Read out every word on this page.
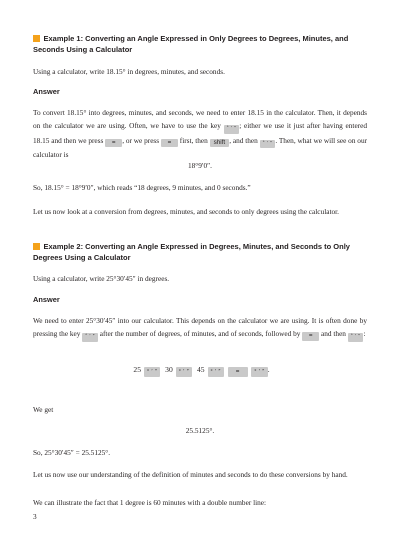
Example 1: Converting an Angle Expressed in Only Degrees to Degrees, Minutes, and Seconds Using a Calculator
Using a calculator, write 18.15° in degrees, minutes, and seconds.
Answer
To convert 18.15° into degrees, minutes, and seconds, we need to enter 18.15 in the calculator. Then, it depends on the calculator we are using. Often, we have to use the key ° ′ ″ ; either we use it just after having entered 18.15 and then we press = , or we press = first, then shift , and then ° ′ ″ . Then, what we will see on our calculator is
18°9′0″.
So, 18.15° = 18°9′0″, which reads “18 degrees, 9 minutes, and 0 seconds.”
Let us now look at a conversion from degrees, minutes, and seconds to only degrees using the calculator.
Example 2: Converting an Angle Expressed in Degrees, Minutes, and Seconds to Only Degrees Using a Calculator
Using a calculator, write 25°30′45″ in degrees.
Answer
We need to enter 25°30′45″ into our calculator. This depends on the calculator we are using. It is often done by pressing the key ° ′ ″ after the number of degrees, of minutes, and of seconds, followed by = and then ° ′ ″ :
25 ° ′ ″ 30 ° ′ ″ 45 ° ′ ″ =	° ′ ″ .
We get
25.5125°.
So, 25°30′45″ = 25.5125°.
Let us now use our understanding of the definition of minutes and seconds to do these conversions by hand.
We can illustrate the fact that 1 degree is 60 minutes with a double number line:
3
